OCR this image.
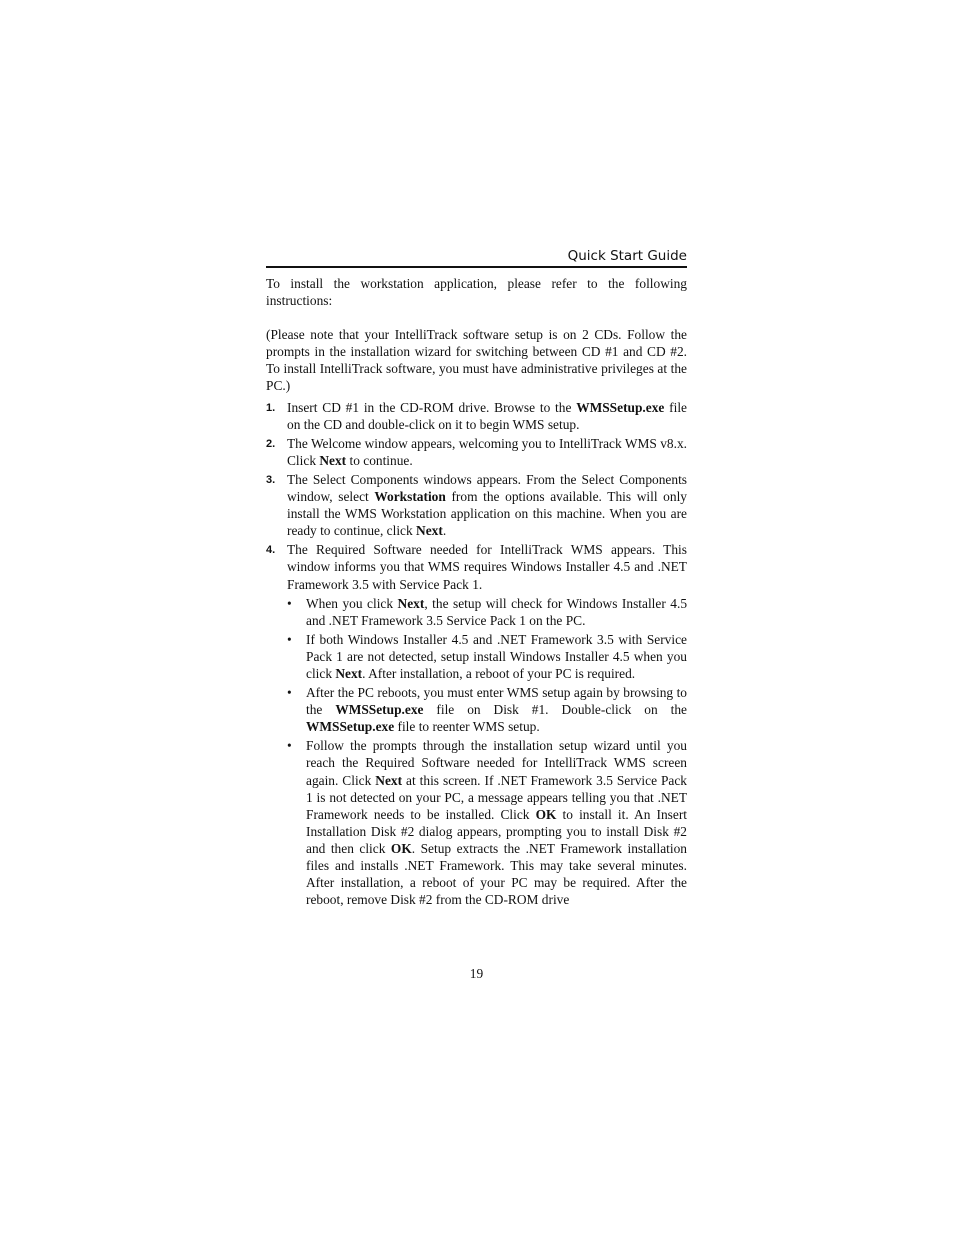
Quick Start Guide

To install the workstation application, please refer to the following instructions:

(Please note that your IntelliTrack software setup is on 2 CDs. Follow the prompts in the installation wizard for switching between CD #1 and CD #2. To install IntelliTrack software, you must have administrative privileges at the PC.)

1. Insert CD #1 in the CD-ROM drive. Browse to the WMSSetup.exe file on the CD and double-click on it to begin WMS setup.
2. The Welcome window appears, welcoming you to IntelliTrack WMS v8.x. Click Next to continue.
3. The Select Components windows appears. From the Select Components window, select Workstation from the options available. This will only install the WMS Workstation application on this machine. When you are ready to continue, click Next.
4. The Required Software needed for IntelliTrack WMS appears. This window informs you that WMS requires Windows Installer 4.5 and .NET Framework 3.5 with Service Pack 1.
• When you click Next, the setup will check for Windows Installer 4.5 and .NET Framework 3.5 Service Pack 1 on the PC.
• If both Windows Installer 4.5 and .NET Framework 3.5 with Service Pack 1 are not detected, setup install Windows Installer 4.5 when you click Next. After installation, a reboot of your PC is required.
• After the PC reboots, you must enter WMS setup again by browsing to the WMSSetup.exe file on Disk #1. Double-click on the WMSSetup.exe file to reenter WMS setup.
• Follow the prompts through the installation setup wizard until you reach the Required Software needed for IntelliTrack WMS screen again. Click Next at this screen. If .NET Framework 3.5 Service Pack 1 is not detected on your PC, a message appears telling you that .NET Framework needs to be installed. Click OK to install it. An Insert Installation Disk #2 dialog appears, prompting you to install Disk #2 and then click OK. Setup extracts the .NET Framework installation files and installs .NET Framework. This may take several minutes. After installation, a reboot of your PC may be required. After the reboot, remove Disk #2 from the CD-ROM drive
19
